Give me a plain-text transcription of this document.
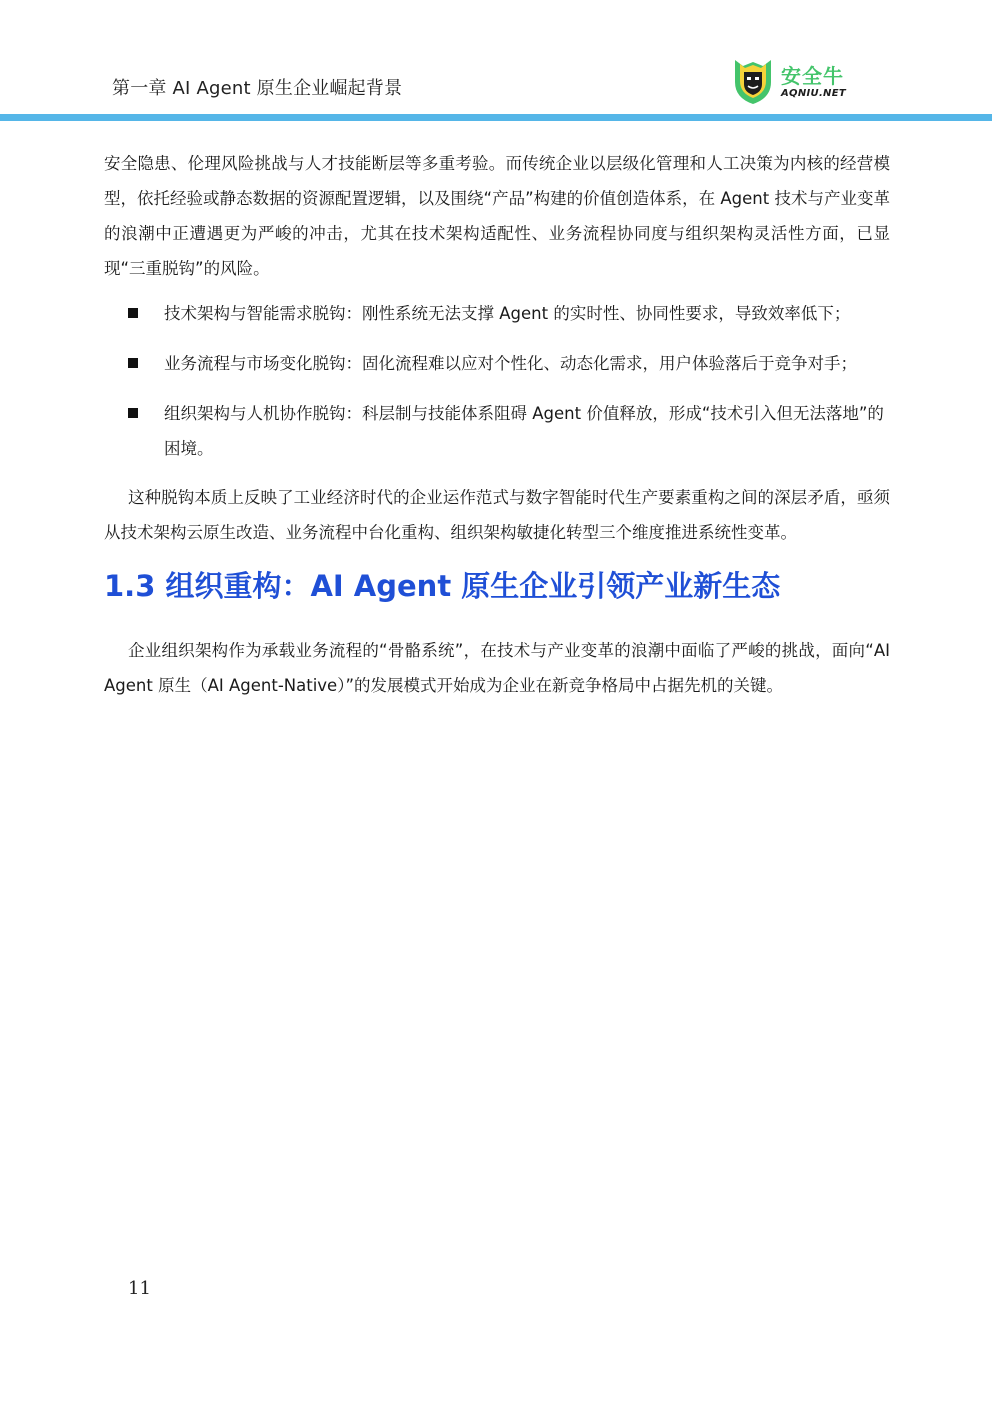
第一章 AI Agent 原生企业崛起背景
安全牛
AQNIU.NET

安全隐患、伦理风险挑战与人才技能断层等多重考验。而传统企业以层级化管理和人工决策为内核的经营模型，依托经验或静态数据的资源配置逻辑，以及围绕“产品”构建的价值创造体系，在 Agent 技术与产业变革的浪潮中正遭遇更为严峻的冲击，尤其在技术架构适配性、业务流程协同度与组织架构灵活性方面，已显现“三重脱钩”的风险。

技术架构与智能需求脱钩：刚性系统无法支撑 Agent 的实时性、协同性要求，导致效率低下；
业务流程与市场变化脱钩：固化流程难以应对个性化、动态化需求，用户体验落后于竞争对手；
组织架构与人机协作脱钩：科层制与技能体系阻碍 Agent 价值释放，形成“技术引入但无法落地”的困境。

这种脱钩本质上反映了工业经济时代的企业运作范式与数字智能时代生产要素重构之间的深层矛盾，亟须从技术架构云原生改造、业务流程中台化重构、组织架构敏捷化转型三个维度推进系统性变革。

1.3 组织重构：AI Agent 原生企业引领产业新生态

企业组织架构作为承载业务流程的“骨骼系统”，在技术与产业变革的浪潮中面临了严峻的挑战，面向“AI Agent 原生（AI Agent-Native）”的发展模式开始成为企业在新竞争格局中占据先机的关键。

11
